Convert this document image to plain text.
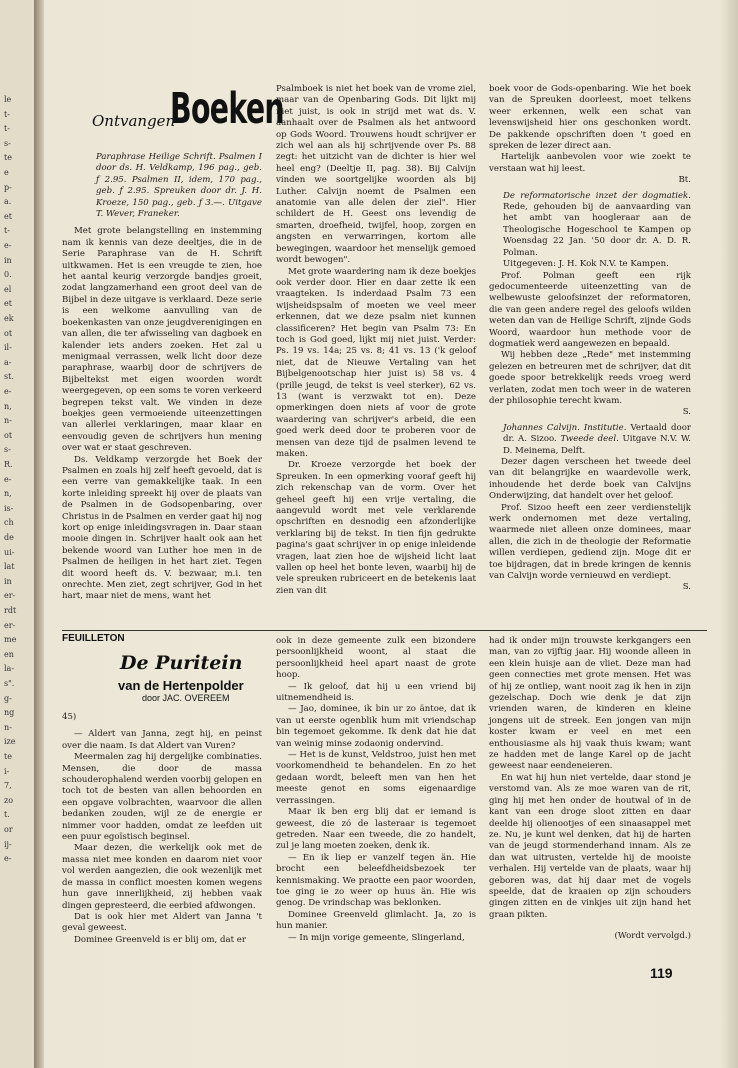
le
t-
t-
s-
te
e
p-
a.
et
t-
e-
in
0.
el
et
ek
ot
il-
a-
st.
e-
n,
n-
ot
s-
R.
e-
n,
is-
ch
de
ui-
lat
in
er-
rdt
er-
me
en
la-
s".
g-
ng
n-
ize
te
i-
7,
zo
t.
or
ij-
e-
Ontvangen
Boeken

Paraphrase Heilige Schrift. Psalmen I door ds. H. Veldkamp, 196 pag., geb. ƒ 2.95. Psalmen II, idem, 170 pag., geb. ƒ 2.95. Spreuken door dr. J. H. Kroeze, 150 pag., geb. ƒ 3.—. Uitgave T. Wever, Franeker.

Met grote belangstelling en instemming nam ik kennis van deze deeltjes, die in de Serie Paraphrase van de H. Schrift uitkwamen. Het is een vreugde te zien, hoe het aantal keurig verzorgde bandjes groeit, zodat langzamerhand een groot deel van de Bijbel in deze uitgave is verklaard. Deze serie is een welkome aanvulling van de boekenkasten van onze jeugdverenigingen en van allen, die ter afwisseling van dagboek en kalender iets anders zoeken. Het zal u menigmaal verrassen, welk licht door deze paraphrase, waarbij door de schrijvers de Bijbeltekst met eigen woorden wordt weergegeven, op een soms te voren verkeerd begrepen tekst valt. We vinden in deze boekjes geen vermoeiende uiteenzettingen van allerlei verklaringen, maar klaar en eenvoudig geven de schrijvers hun mening over wat er staat geschreven.

Ds. Veldkamp verzorgde het Boek der Psalmen en zoals hij zelf heeft gevoeld, dat is een verre van gemakkelijke taak. In een korte inleiding spreekt hij over de plaats van de Psalmen in de Godsopenbaring, over Christus in de Psalmen en verder gaat hij nog kort op enige inleidingsvragen in. Daar staan mooie dingen in. Schrijver haalt ook aan het bekende woord van Luther hoe men in de Psalmen de heiligen in het hart ziet. Tegen dit woord heeft ds. V. bezwaar, m.i. ten onrechte. Men ziet, zegt schrijver, God in het hart, maar niet de mens, want het

Psalmboek is niet het boek van de vrome ziel, maar van de Openbaring Gods. Dit lijkt mij niet juist, is ook in strijd met wat ds. V. aanhaalt over de Psalmen als het antwoord op Gods Woord. Trouwens houdt schrijver er zich wel aan als hij schrijvende over Ps. 88 zegt: het uitzicht van de dichter is hier wel heel eng? (Deeltje II, pag. 38). Bij Calvijn vinden we soortgelijke woorden als bij Luther. Calvijn noemt de Psalmen een anatomie van alle delen der ziel". Hier schildert de H. Geest ons levendig de smarten, droefheid, twijfel, hoop, zorgen en angsten en verwarringen, kortom alle bewegingen, waardoor het menselijk gemoed wordt bewogen".

Met grote waardering nam ik deze boekjes ook verder door. Hier en daar zette ik een vraagteken. Is inderdaad Psalm 73 een wijsheidspsalm of moeten we veel meer erkennen, dat we deze psalm niet kunnen classificeren? Het begin van Psalm 73: En toch is God goed, lijkt mij niet juist. Verder: Ps. 19 vs. 14a; 25 vs. 8; 41 vs. 13 ('k geloof niet, dat de Nieuwe Vertaling van het Bijbelgenootschap hier juist is) 58 vs. 4 (prille jeugd, de tekst is veel sterker), 62 vs. 13 (want is verzwakt tot en). Deze opmerkingen doen niets af voor de grote waardering van schrijver's arbeid, die een goed werk deed door te proberen voor de mensen van deze tijd de psalmen levend te maken.

Dr. Kroeze verzorgde het boek der Spreuken. In een opmerking vooraf geeft hij zich rekenschap van de vorm. Over het geheel geeft hij een vrije vertaling, die aangevuld wordt met vele verklarende opschriften en desnodig een afzonderlijke verklaring bij de tekst. In tien fijn gedrukte pagina's gaat schrijver in op enige inleidende vragen, laat zien hoe de wijsheid licht laat vallen op heel het bonte leven, waarbij hij de vele spreuken rubriceert en de betekenis laat zien van dit

boek voor de Gods-openbaring. Wie het boek van de Spreuken doorleest, moet telkens weer erkennen, welk een schat van levenswijsheid hier ons geschonken wordt. De pakkende opschriften doen 't goed en spreken de lezer direct aan.

Hartelijk aanbevolen voor wie zoekt te verstaan wat hij leest.

Bt.

De reformatorische inzet der dogmatiek. Rede, gehouden bij de aanvaarding van het ambt van hoogleraar aan de Theologische Hogeschool te Kampen op Woensdag 22 Jan. '50 door dr. A. D. R. Polman.

Uitgegeven: J. H. Kok N.V. te Kampen.

Prof. Polman geeft een rijk gedocumenteerde uiteenzetting van de welbewuste geloofsinzet der reformatoren, die van geen andere regel des geloofs wilden weten dan van de Heilige Schrift, zijnde Gods Woord, waardoor hun methode voor de dogmatiek werd aangewezen en bepaald.

Wij hebben deze „Rede" met instemming gelezen en betreuren met de schrijver, dat dit goede spoor betrekkelijk reeds vroeg werd verlaten, zodat men toch weer in de wateren der philosophie terecht kwam.

S.

Johannes Calvijn. Institutie. Vertaald door dr. A. Sizoo. Tweede deel. Uitgave N.V. W. D. Meinema, Delft.

Dezer dagen verscheen het tweede deel van dit belangrijke en waardevolle werk, inhoudende het derde boek van Calvijns Onderwijzing, dat handelt over het geloof.

Prof. Sizoo heeft een zeer verdienstelijk werk ondernomen met deze vertaling, waarmede niet alleen onze dominees, maar allen, die zich in de theologie der Reformatie willen verdiepen, gediend zijn. Moge dit er toe bijdragen, dat in brede kringen de kennis van Calvijn worde vernieuwd en verdiept.

S.
FEUILLETON
De Puritein
van de Hertenpolder
door JAC. OVEREEM

45)

— Aldert van Janna, zegt hij, en peinst over die naam. Is dat Aldert van Vuren?

Meermalen zag hij dergelijke combinaties. Mensen, die door de massa schouderophalend werden voorbij gelopen en toch tot de besten van allen behoorden en een opgave volbrachten, waarvoor die allen bedanken zouden, wijl ze de energie er nimmer voor hadden, omdat ze leefden uit een puur egoïstisch beginsel.

Maar dezen, die werkelijk ook met de massa niet mee konden en daarom niet voor vol werden aangezien, die ook wezenlijk met de massa in conflict moesten komen wegens hun gave innerlijkheid, zij hebben vaak dingen gepresteerd, die eerbied afdwongen.

Dat is ook hier met Aldert van Janna 't geval geweest.

Dominee Greenveld is er blij om, dat er

ook in deze gemeente zulk een bizondere persoonlijkheid woont, al staat die persoonlijkheid heel apart naast de grote hoop.

— Ik geloof, dat hij u een vriend bij uitnemendheid is.

— Jao, dominee, ik bin ur zo äntoe, dat ik van ut eerste ogenblik hum mit vriendschap bin tegemoet gekomme. Ik denk dat hie dat van weinig minse zodaonig ondervind.

— Het is de kunst, Veldstroo, juist hen met voorkomendheid te behandelen. En zo het gedaan wordt, beleeft men van hen het meeste genot en soms eigenaardige verrassingen.

Maar ik ben erg blij dat er iemand is geweest, die zó de lasteraar is tegemoet getreden. Naar een tweede, die zo handelt, zul je lang moeten zoeken, denk ik.

— En ik liep er vanzelf tegen än. Hie brocht een beleefdheidsbezoek ter kennismaking. We praotte een paor woorden, toe ging ie zo weer op huus än. Hie wis genog. De vrindschap was beklonken.

Dominee Greenveld glimlacht. Ja, zo is hun manier.

— In mijn vorige gemeente, Slingerland,

had ik onder mijn trouwste kerkgangers een man, van zo vijftig jaar. Hij woonde alleen in een klein huisje aan de vliet. Deze man had geen connecties met grote mensen. Het was of hij ze ontliep, want nooit zag ik hen in zijn gezelschap. Doch wie denk je dat zijn vrienden waren, de kinderen en kleine jongens uit de streek. Een jongen van mijn koster kwam er veel en met een enthousiasme als hij vaak thuis kwam; want ze hadden met de lange Karel op de jacht geweest naar eendeneieren.

En wat hij hun niet vertelde, daar stond je verstomd van. Als ze moe waren van de rit, ging hij met hen onder de houtwal of in de kant van een droge sloot zitten en daar deelde hij olienootjes of een sinaasappel met ze. Nu, je kunt wel denken, dat hij de harten van de jeugd stormenderhand innam. Als ze dan wat uitrusten, vertelde hij de mooiste verhalen. Hij vertelde van de plaats, waar hij geboren was, dat hij daar met de vogels speelde, dat de kraaien op zijn schouders gingen zitten en de vinkjes uit zijn hand het graan pikten.

(Wordt vervolgd.)
119
